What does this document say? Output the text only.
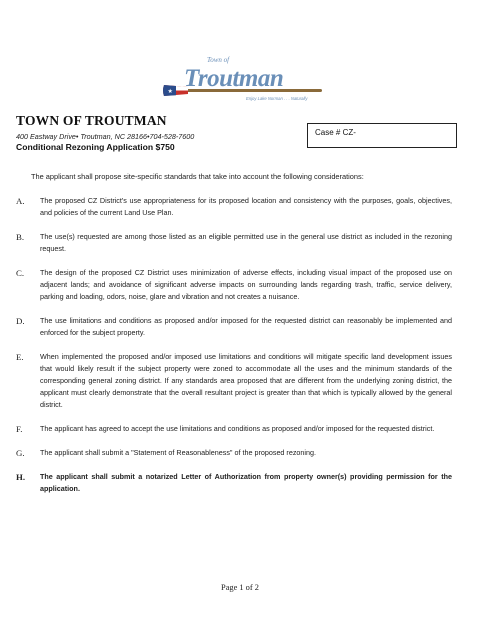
★
Town of
Troutman
Enjoy Lake Norman . . . Naturally
TOWN OF TROUTMAN
400 Eastway Drive• Troutman, NC 28166•704-528-7600
Conditional Rezoning Application $750
Case # CZ-
The applicant shall propose site-specific standards that take into account the following considerations:
A.	The proposed CZ District's use appropriateness for its proposed location and consistency with the purposes, goals, objectives, and policies of the current Land Use Plan.
B.	The use(s) requested are among those listed as an eligible permitted use in the general use district as included in the rezoning request.
C.	The design of the proposed CZ District uses minimization of adverse effects, including visual impact of the proposed use on adjacent lands; and avoidance of significant adverse impacts on surrounding lands regarding trash, traffic, service delivery, parking and loading, odors, noise, glare and vibration and not creates a nuisance.
D.	The use limitations and conditions as proposed and/or imposed for the requested district can reasonably be implemented and enforced for the subject property.
E.	When implemented the proposed and/or imposed use limitations and conditions will mitigate specific land development issues that would likely result if the subject property were zoned to accommodate all the uses and the minimum standards of the corresponding general zoning district. If any standards area proposed that are different from the underlying zoning district, the applicant must clearly demonstrate that the overall resultant project is greater than that which is typically allowed by the general district.
F.	The applicant has agreed to accept the use limitations and conditions as proposed and/or imposed for the requested district.
G.	The applicant shall submit a "Statement of Reasonableness" of the proposed rezoning.
H.	The applicant shall submit a notarized Letter of Authorization from property owner(s) providing permission for the application.
Page 1 of 2
